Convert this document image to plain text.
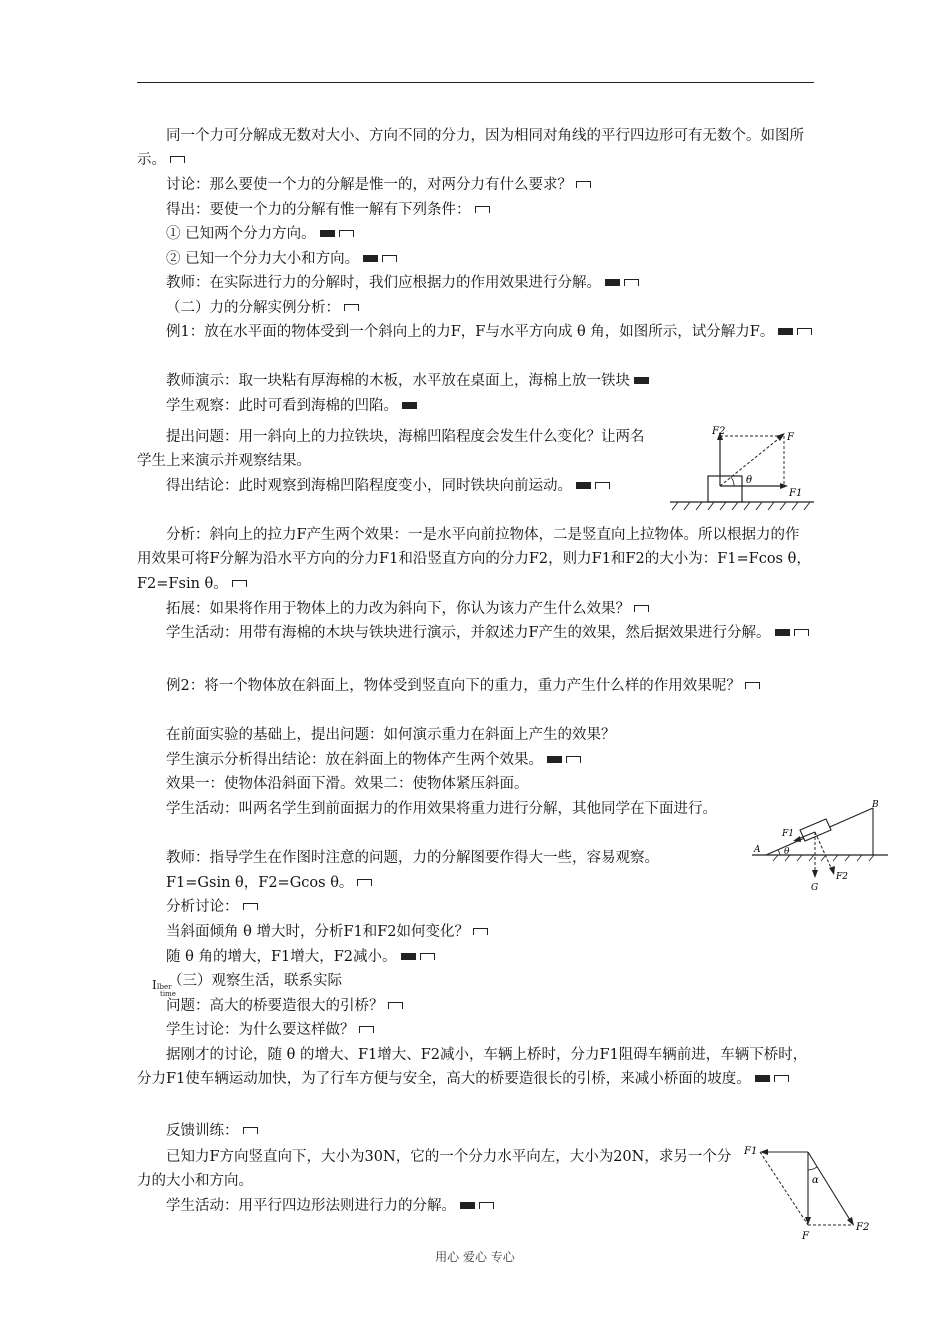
同一个力可分解成无数对大小、方向不同的分力，因为相同对角线的平行四边形可有无数个。如图所示。

讨论：那么要使一个力的分解是惟一的，对两分力有什么要求？

得出：要使一个力的分解有惟一解有下列条件：

① 已知两个分力方向。

② 已知一个分力大小和方向。

教师：在实际进行力的分解时，我们应根据力的作用效果进行分解。

（二）力的分解实例分析：

例1：放在水平面的物体受到一个斜向上的力F，F与水平方向成 θ 角，如图所示，试分解力F。

教师演示：取一块粘有厚海棉的木板，水平放在桌面上，海棉上放一铁块

学生观察：此时可看到海棉的凹陷。

提出问题：用一斜向上的力拉铁块，海棉凹陷程度会发生什么变化？让两名学生上来演示并观察结果。

得出结论：此时观察到海棉凹陷程度变小，同时铁块向前运动。

F2
F
F1
θ

分析：斜向上的拉力F产生两个效果：一是水平向前拉物体，二是竖直向上拉物体。所以根据力的作用效果可将F分解为沿水平方向的分力F1和沿竖直方向的分力F2，则力F1和F2的大小为：F1=Fcos θ，F2=Fsin θ。

拓展：如果将作用于物体上的力改为斜向下，你认为该力产生什么效果？

学生活动：用带有海棉的木块与铁块进行演示，并叙述力F产生的效果，然后据效果进行分解。

例2：将一个物体放在斜面上，物体受到竖直向下的重力，重力产生什么样的作用效果呢？

在前面实验的基础上，提出问题：如何演示重力在斜面上产生的效果？

学生演示分析得出结论：放在斜面上的物体产生两个效果。

效果一：使物体沿斜面下滑。效果二：使物体紧压斜面。

学生活动：叫两名学生到前面据力的作用效果将重力进行分解，其他同学在下面进行。

教师：指导学生在作图时注意的问题，力的分解图要作得大一些，容易观察。	A
B
F1
F2
G
θ

F1=Gsin θ，F2=Gcos θ。

分析讨论：

当斜面倾角 θ 增大时，分析F1和F2如何变化？

随 θ 角的增大，F1增大，F2减小。

IIber
time

（三）观察生活，联系实际

问题：高大的桥要造很大的引桥？

学生讨论：为什么要这样做？

据刚才的讨论，随 θ 的增大、F1增大、F2减小，车辆上桥时，分力F1阻碍车辆前进，车辆下桥时，分力F1使车辆运动加快，为了行车方便与安全，高大的桥要造很长的引桥，来减小桥面的坡度。

反馈训练：

已知力F方向竖直向下，大小为30N，它的一个分力水平向左，大小为20N，求另一个分力的大小和方向。

学生活动：用平行四边形法则进行力的分解。

F1
F
F2
α
用心 爱心 专心
